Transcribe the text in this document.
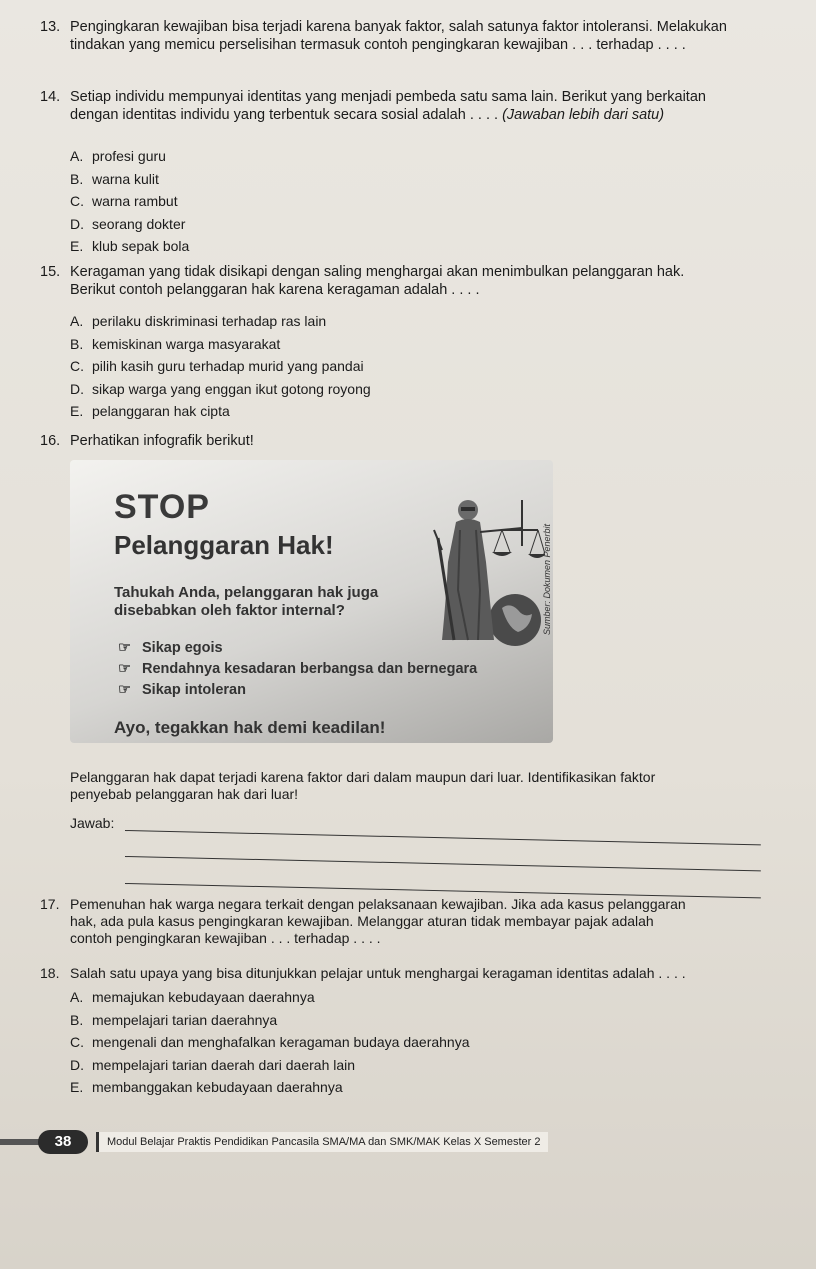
13. Pengingkaran kewajiban bisa terjadi karena banyak faktor, salah satunya faktor intoleransi. Melakukan
tindakan yang memicu perselisihan termasuk contoh pengingkaran kewajiban . . . terhadap . . . .
14. Setiap individu mempunyai identitas yang menjadi pembeda satu sama lain. Berikut yang berkaitan
dengan identitas individu yang terbentuk secara sosial adalah . . . . (Jawaban lebih dari satu)
A. profesi guru
B. warna kulit
C. warna rambut
D. seorang dokter
E. klub sepak bola
15. Keragaman yang tidak disikapi dengan saling menghargai akan menimbulkan pelanggaran hak.
Berikut contoh pelanggaran hak karena keragaman adalah . . . .
A. perilaku diskriminasi terhadap ras lain
B. kemiskinan warga masyarakat
C. pilih kasih guru terhadap murid yang pandai
D. sikap warga yang enggan ikut gotong royong
E. pelanggaran hak cipta
16. Perhatikan infografik berikut!
STOP
Pelanggaran Hak!
Tahukah Anda, pelanggaran hak juga disebabkan oleh faktor internal?
☞ Sikap egois
☞ Rendahnya kesadaran berbangsa dan bernegara
☞ Sikap intoleran
Ayo, tegakkan hak demi keadilan!
Sumber: Dokumen Penerbit
Pelanggaran hak dapat terjadi karena faktor dari dalam maupun dari luar. Identifikasikan faktor
penyebab pelanggaran hak dari luar!
Jawab:
17. Pemenuhan hak warga negara terkait dengan pelaksanaan kewajiban. Jika ada kasus pelanggaran
hak, ada pula kasus pengingkaran kewajiban. Melanggar aturan tidak membayar pajak adalah
contoh pengingkaran kewajiban . . . terhadap . . . .
18. Salah satu upaya yang bisa ditunjukkan pelajar untuk menghargai keragaman identitas adalah . . . .
A. memajukan kebudayaan daerahnya
B. mempelajari tarian daerahnya
C. mengenali dan menghafalkan keragaman budaya daerahnya
D. mempelajari tarian daerah dari daerah lain
E. membanggakan kebudayaan daerahnya
38	Modul Belajar Praktis Pendidikan Pancasila SMA/MA dan SMK/MAK Kelas X Semester 2
